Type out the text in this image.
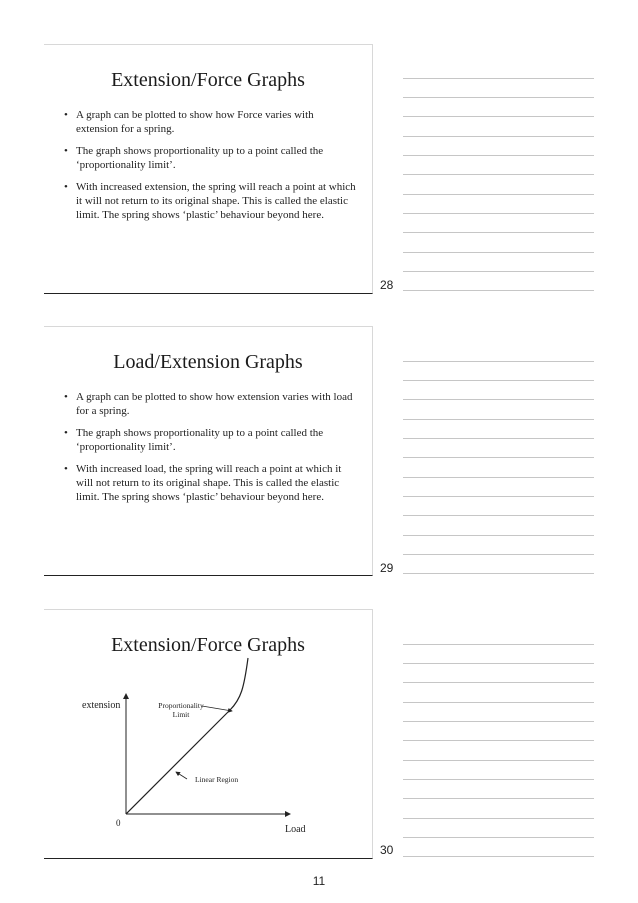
Extension/Force Graphs
• A graph can be plotted to show how Force varies with extension for a spring.
• The graph shows proportionality up to a point called the ‘proportionality limit’.
• With increased extension, the spring will reach a point at which it will not return to its original shape. This is called the elastic limit. The spring shows ‘plastic’ behaviour beyond here.
28
Load/Extension Graphs
• A graph can be plotted to show how extension varies with load for a spring.
• The graph shows proportionality up to a point called the ‘proportionality limit’.
• With increased load, the spring will reach a point at which it will not return to its original shape. This is called the elastic limit. The spring shows ‘plastic’ behaviour beyond here.
29
Extension/Force Graphs
extension
Load
0
Proportionality
Limit
Linear Region
30
11
